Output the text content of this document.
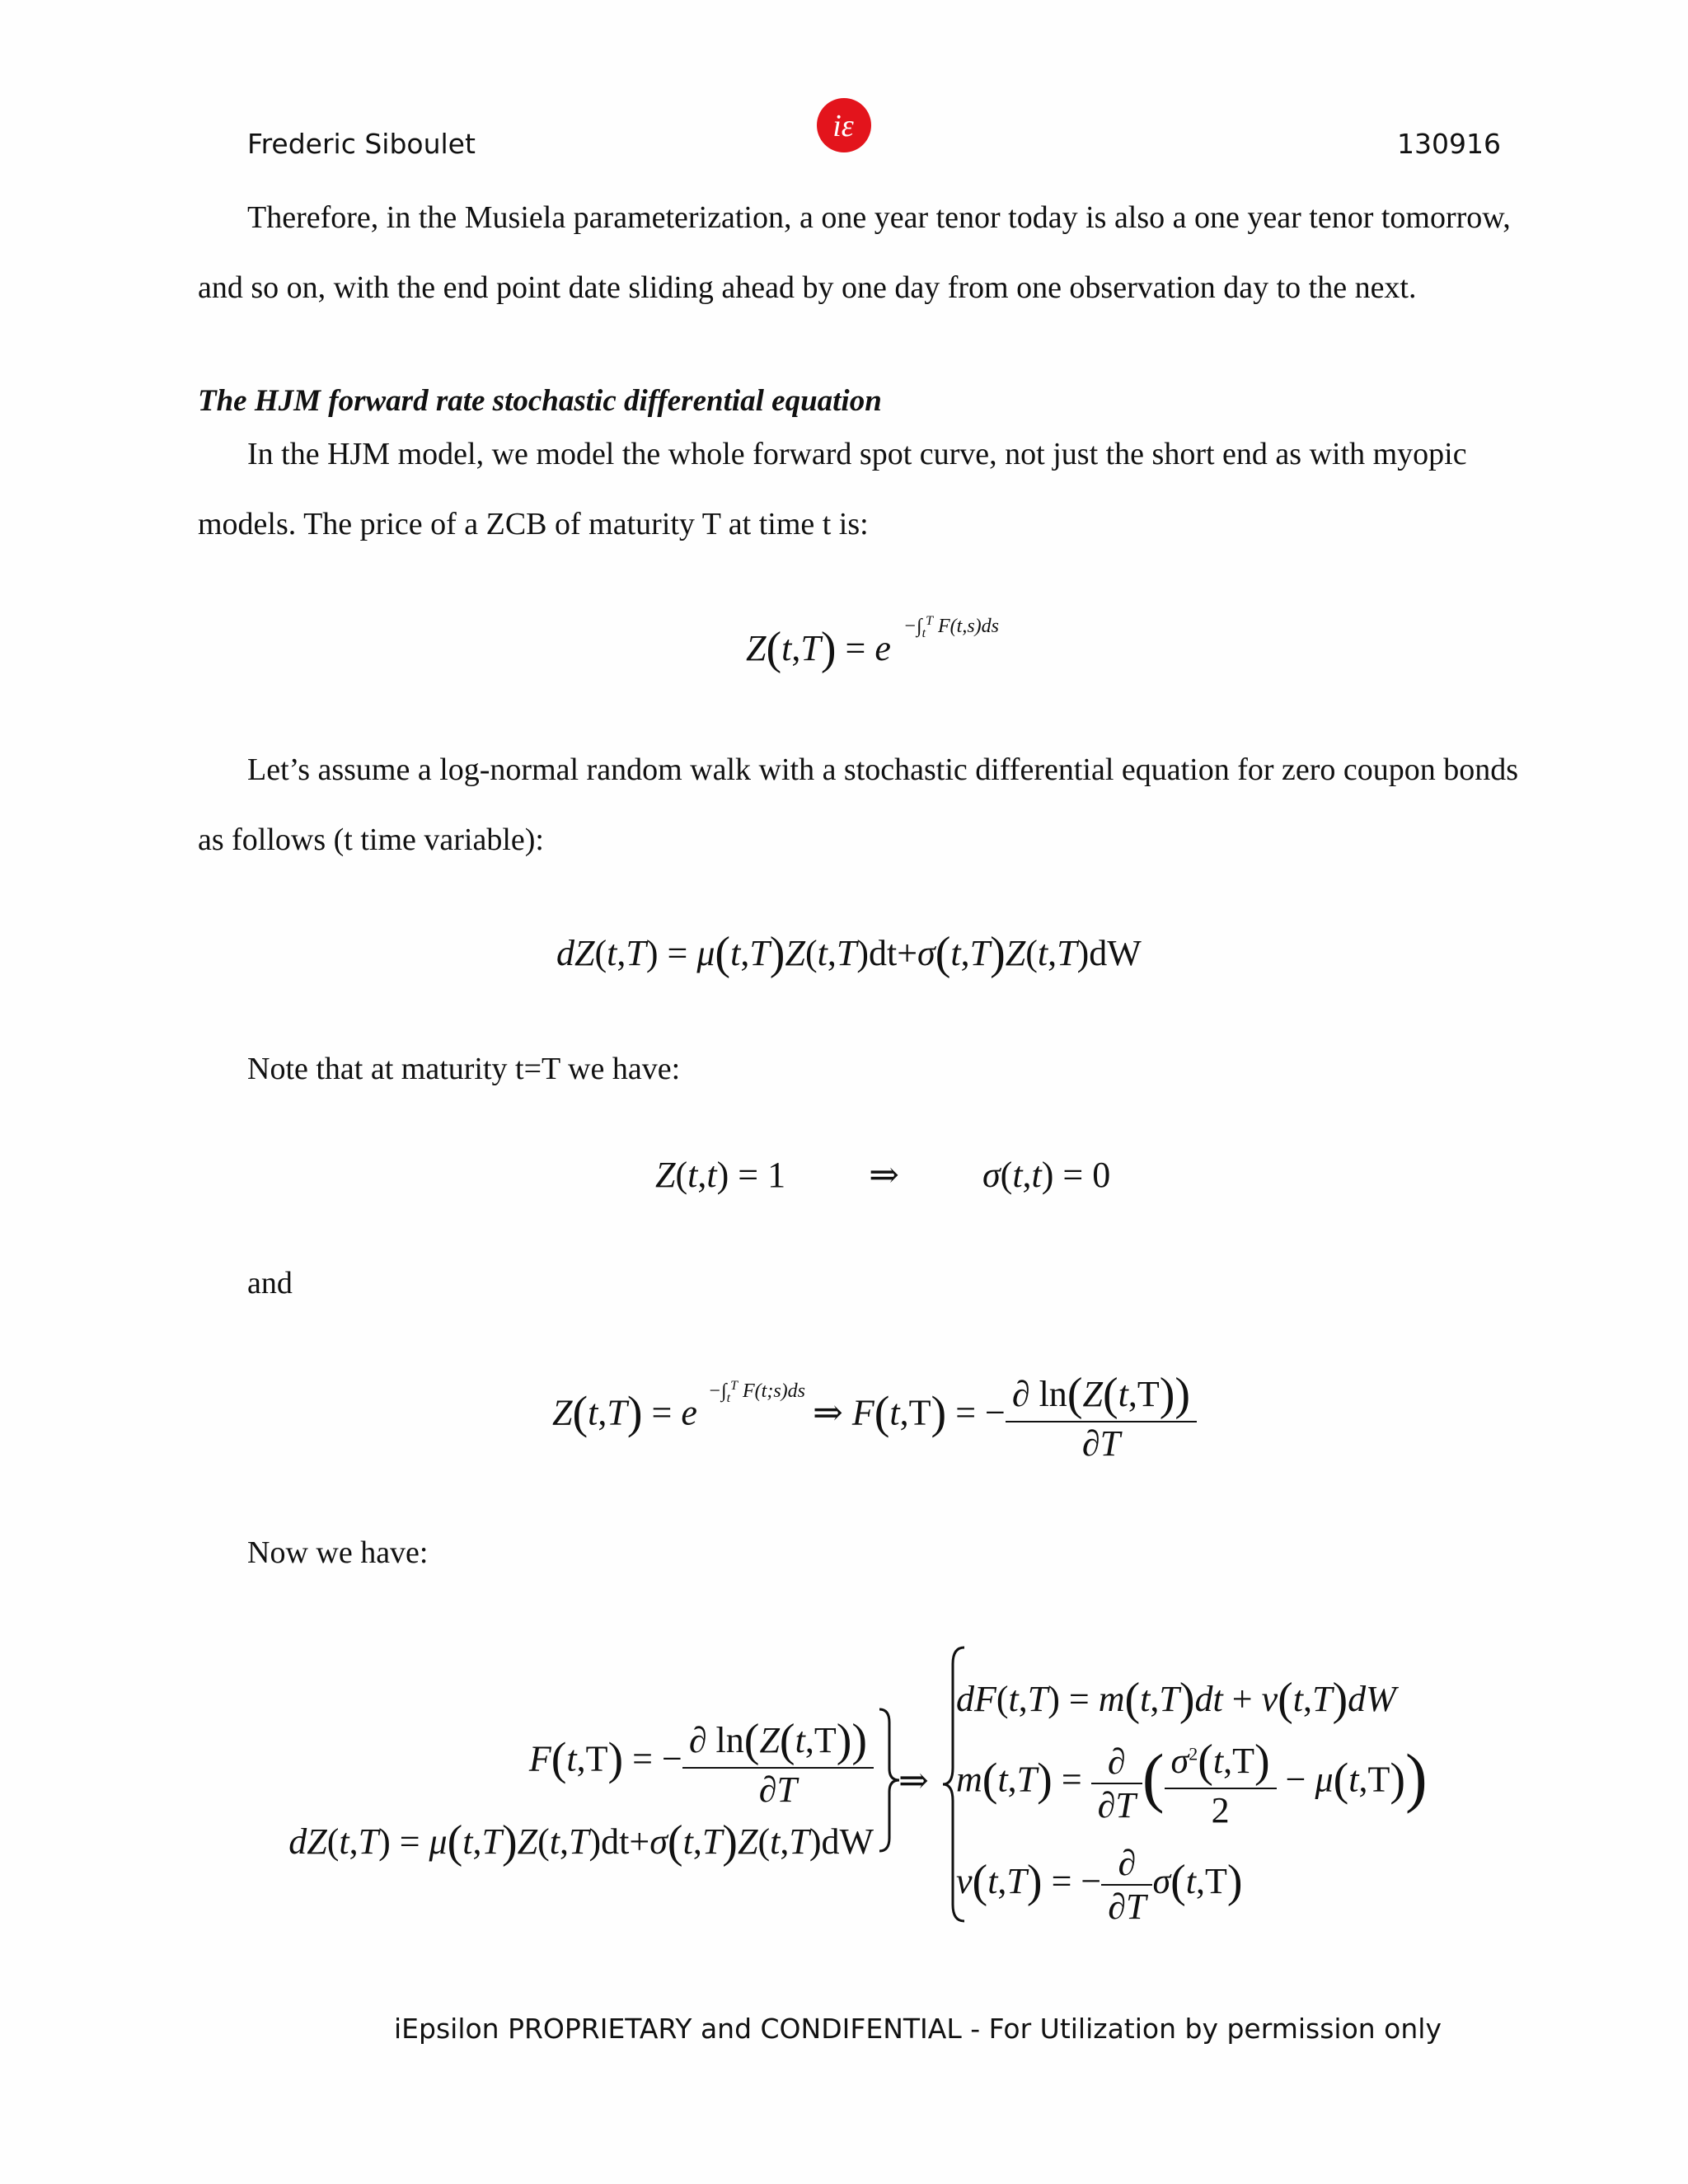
Frederic Siboulet
iε
130916
Therefore, in the Musiela parameterization, a one year tenor today is also a one year tenor tomorrow,
and so on, with the end point date sliding ahead by one day from one observation day to the next.
The HJM forward rate stochastic differential equation
In the HJM model, we model the whole forward spot curve, not just the short end as with myopic
models. The price of a ZCB of maturity T at time t is:
Z(t,T) = e $^{-\int_t^T F(t,s)ds}$
Let’s assume a log-normal random walk with a stochastic differential equation for zero coupon bonds
as follows (t time variable):
dZ(t,T) = μ(t,T)Z(t,T)dt+σ(t,T)Z(t,T)dW
Note that at maturity t=T we have:
Z(t,t) = 1 ⇒ σ(t,t) = 0
and
Z(t,T) = e $^{-\int_t^T F(t;s)ds}$ ⇒ F(t,T) = − $\frac{\partial \ln(Z(t,T))}{\partial T}$
Now we have:
F(t,T) = − $\frac{\partial \ln(Z(t,T))}{\partial T}$
dZ(t,T) = μ(t,T)Z(t,T)dt+σ(t,T)Z(t,T)dW
⇒
dF(t,T) = m(t,T)dt + ν(t,T)dW
$m(t,T) = \frac{\partial}{\partial T}$ ( $\frac{\sigma^2(t,T)}{2} - \mu(t,T)$)
ν(t,T) = − $\frac{\partial}{\partial T} \sigma(t,T)$
iEpsilon PROPRIETARY and CONDIFENTIAL - For Utilization by permission only
